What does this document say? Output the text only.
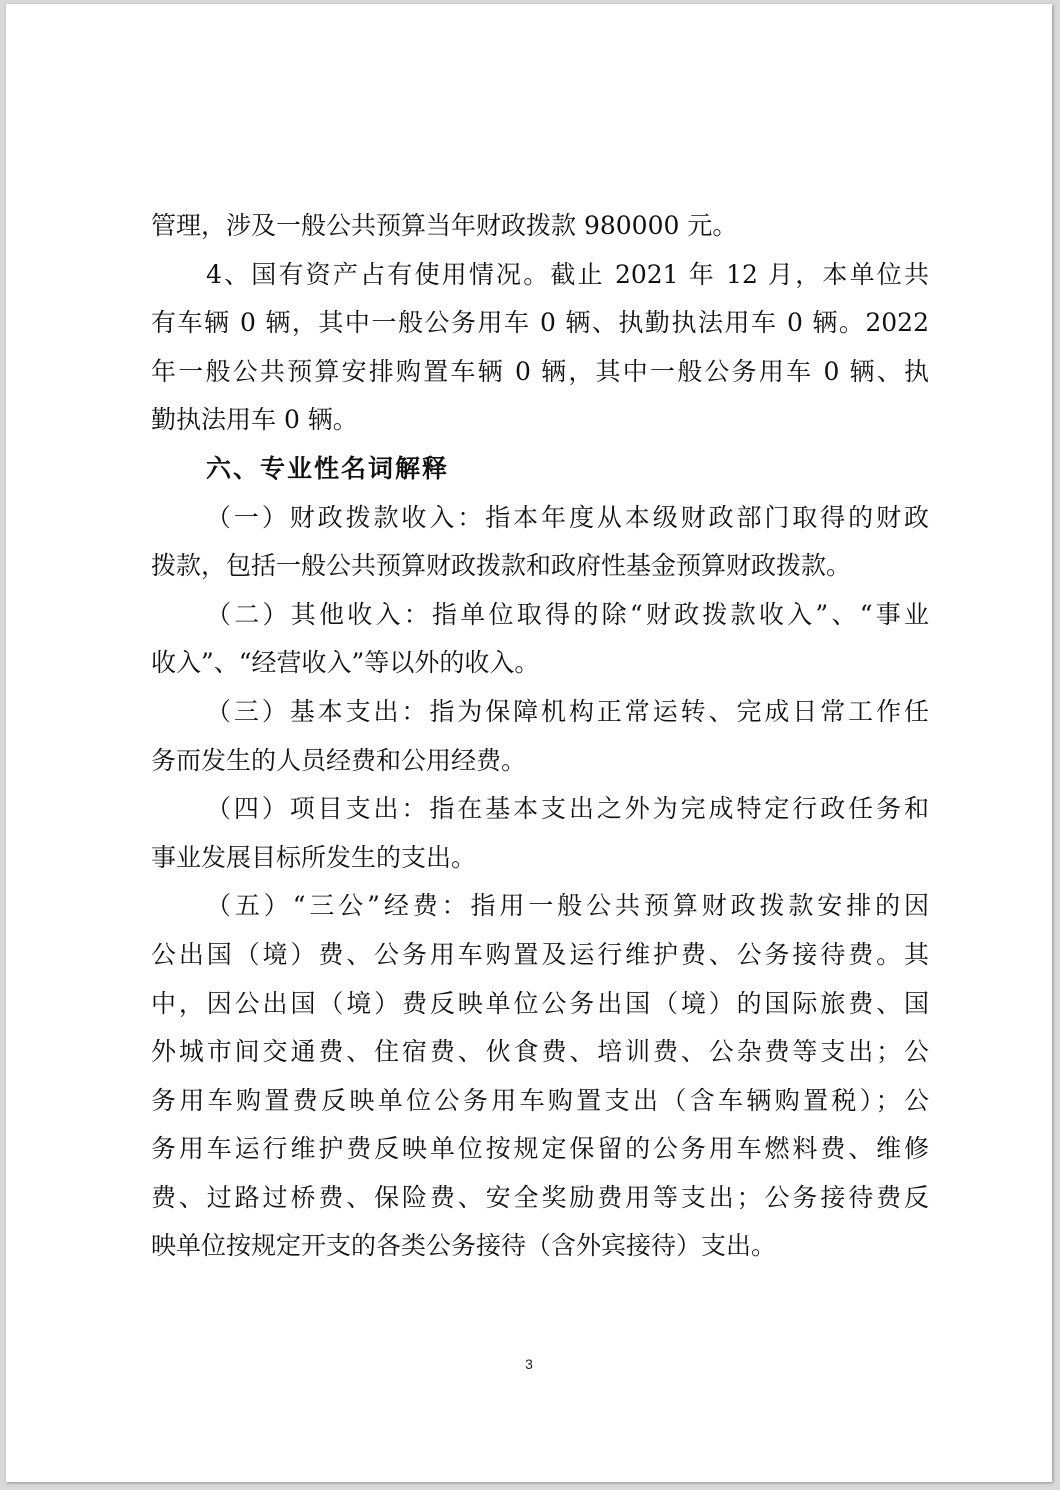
管理，涉及一般公共预算当年财政拨款 980000 元。
4、国有资产占有使用情况。截止 2021 年 12 月，本单位共
有车辆 0 辆，其中一般公务用车 0 辆、执勤执法用车 0 辆。2022
年一般公共预算安排购置车辆 0 辆，其中一般公务用车 0 辆、执
勤执法用车 0 辆。
六、专业性名词解释
（一）财政拨款收入：指本年度从本级财政部门取得的财政
拨款，包括一般公共预算财政拨款和政府性基金预算财政拨款。
（二）其他收入：指单位取得的除“财政拨款收入”、“事业
收入”、“经营收入”等以外的收入。
（三）基本支出：指为保障机构正常运转、完成日常工作任
务而发生的人员经费和公用经费。
（四）项目支出：指在基本支出之外为完成特定行政任务和
事业发展目标所发生的支出。
（五）“三公”经费：指用一般公共预算财政拨款安排的因
公出国（境）费、公务用车购置及运行维护费、公务接待费。其
中，因公出国（境）费反映单位公务出国（境）的国际旅费、国
外城市间交通费、住宿费、伙食费、培训费、公杂费等支出；公
务用车购置费反映单位公务用车购置支出（含车辆购置税）；公
务用车运行维护费反映单位按规定保留的公务用车燃料费、维修
费、过路过桥费、保险费、安全奖励费用等支出；公务接待费反
映单位按规定开支的各类公务接待（含外宾接待）支出。
3
